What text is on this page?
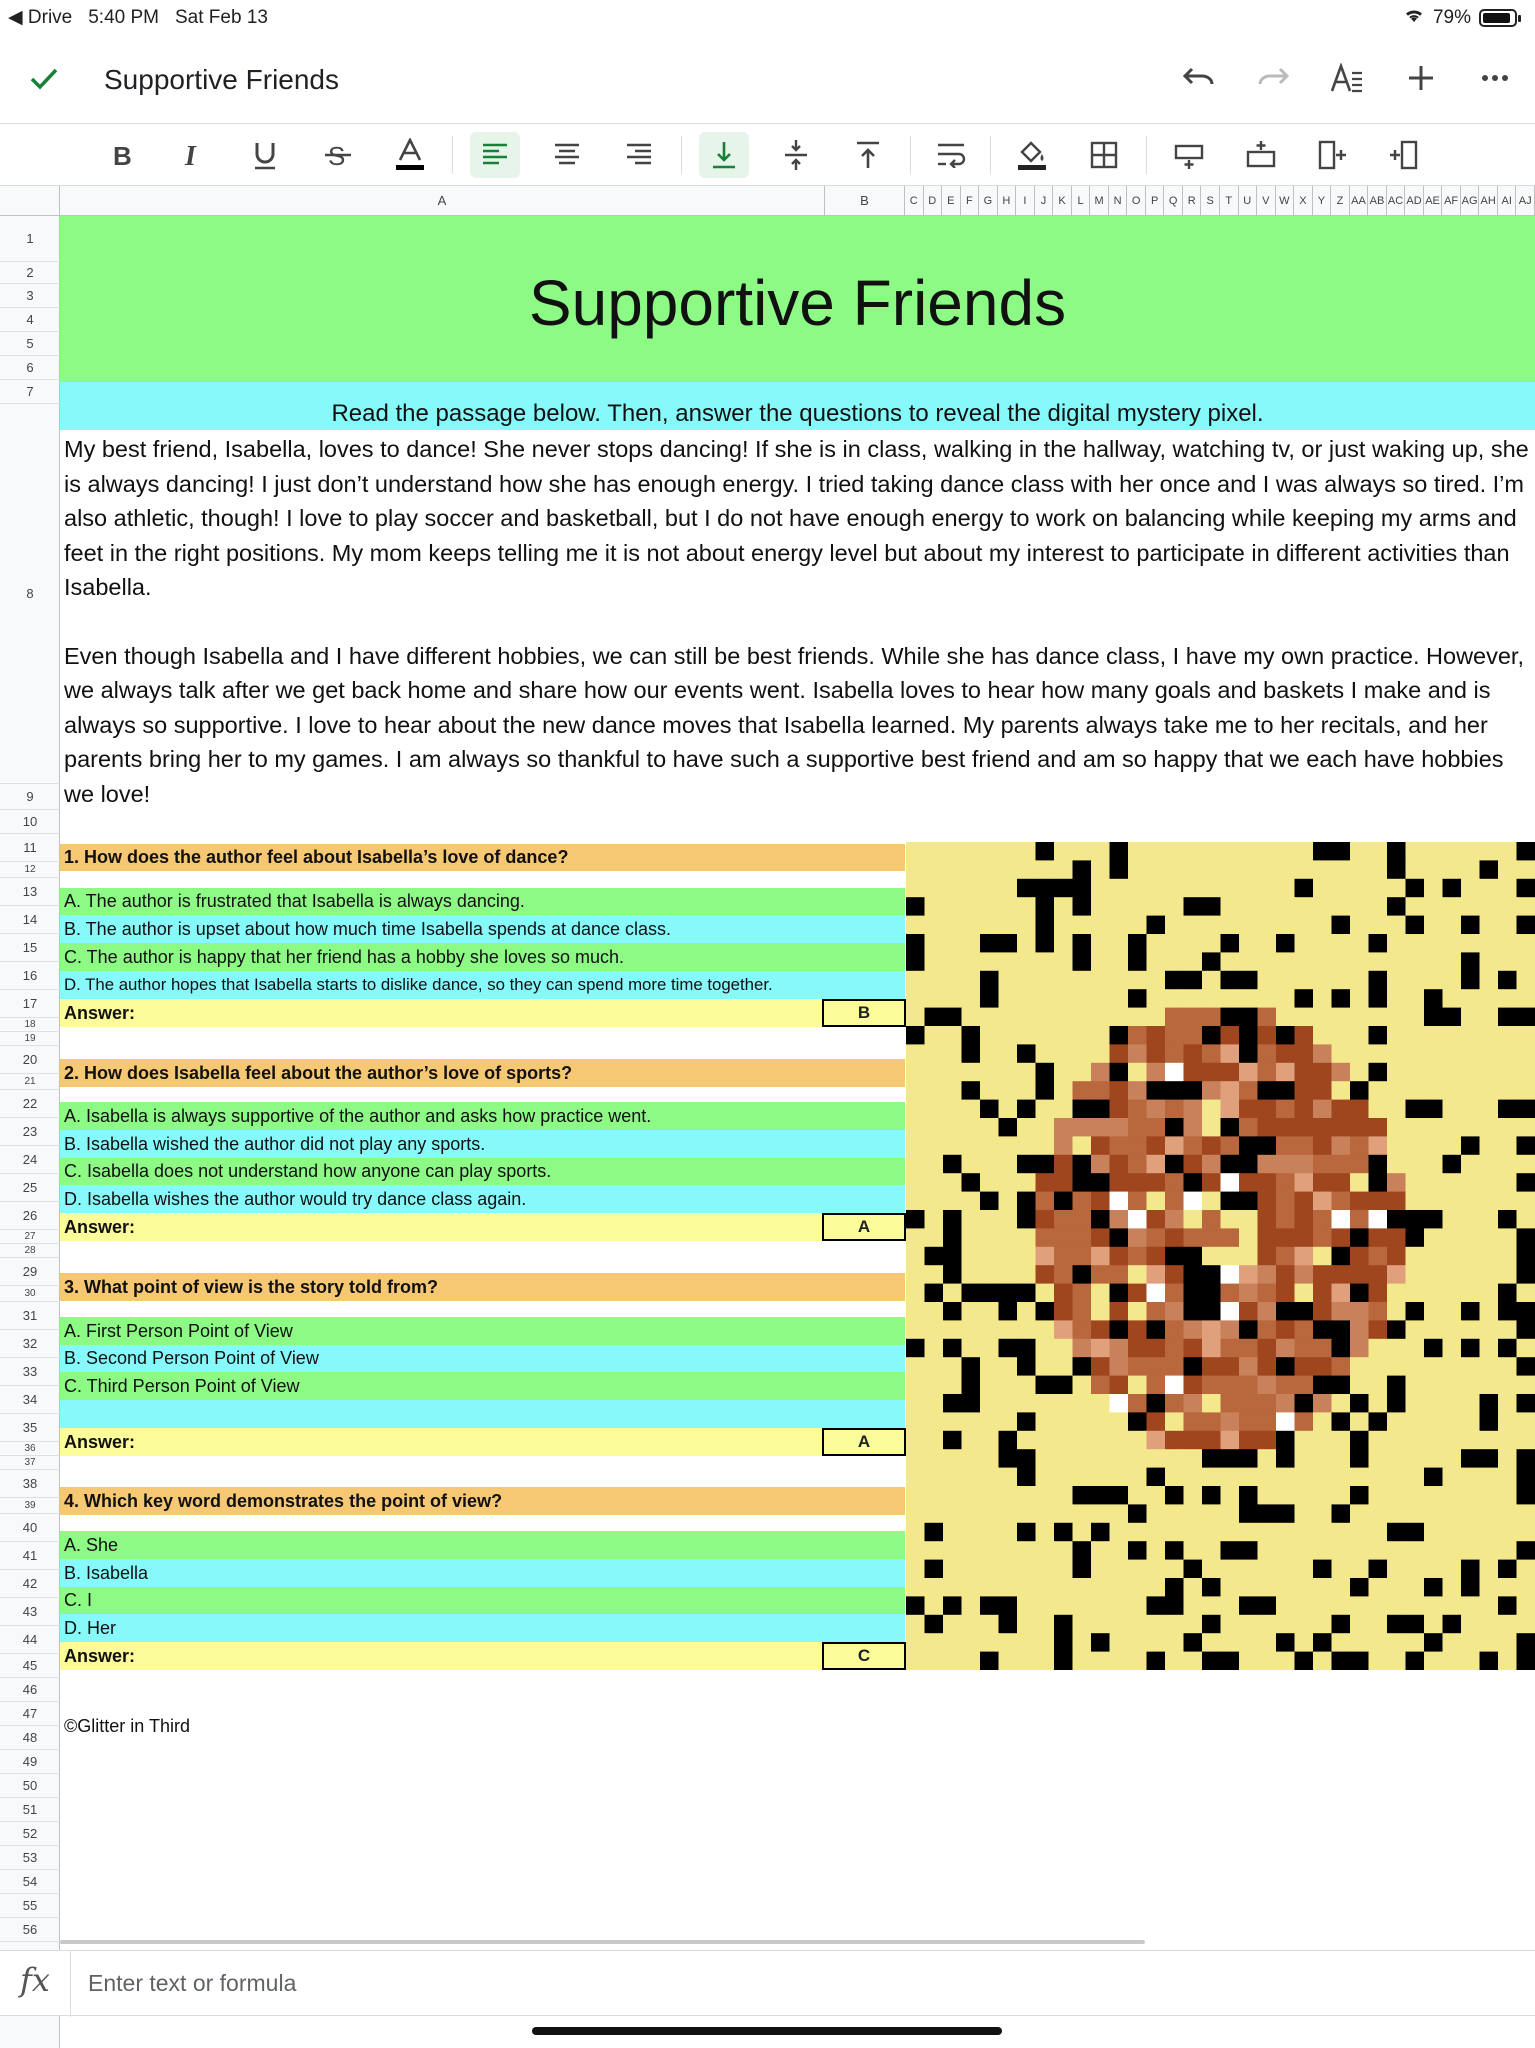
◀ Drive 5:40 PM Sat Feb 13	79%
Supportive Friends
B I	S
A	B	C D E	F G H	I	J	K	L M N O P Q R S	T	U V W X	Y	Z AA AB AC AD AE AF AG AH AI AJ
1
2
3
4
5
6
7
8
9
10
11
12
13
14
15
16
17
18
19
20
21
22
23
24
25
26
27
28
29
30
31
32
33
34
35
36
37
38
39
40
41
42
43
44
45
46
47
48
49
50
51
52
53
54
55
56
Supportive Friends
Read the passage below. Then, answer the questions to reveal the digital mystery pixel.

My best friend, Isabella, loves to dance! She never stops dancing! If she is in class, walking in the hallway, watching tv, or just waking up, she is always dancing! I just don’t understand how she has enough energy. I tried taking dance class with her once and I was always so tired. I’m also athletic, though! I love to play soccer and basketball, but I do not have enough energy to work on balancing while keeping my arms and feet in the right positions. My mom keeps telling me it is not about energy level but about my interest to participate in different activities than Isabella.

Even though Isabella and I have different hobbies, we can still be best friends. While she has dance class, I have my own practice. However, we always talk after we get back home and share how our events went. Isabella loves to hear how many goals and baskets I make and is always so supportive. I love to hear about the new dance moves that Isabella learned. My parents always take me to her recitals, and her parents bring her to my games. I am always so thankful to have such a supportive best friend and am so happy that we each have hobbies we love!

1. How does the author feel about Isabella’s love of dance?
A. The author is frustrated that Isabella is always dancing.
B. The author is upset about how much time Isabella spends at dance class.
C. The author is happy that her friend has a hobby she loves so much.
D. The author hopes that Isabella starts to dislike dance, so they can spend more time together.
Answer:	B
2. How does Isabella feel about the author’s love of sports?
A. Isabella is always supportive of the author and asks how practice went.
B. Isabella wished the author did not play any sports.
C. Isabella does not understand how anyone can play sports.
D. Isabella wishes the author would try dance class again.
Answer:	A
3. What point of view is the story told from?
A. First Person Point of View
B. Second Person Point of View
C. Third Person Point of View
Answer:	A
4. Which key word demonstrates the point of view?
A. She
B. Isabella
C. I
D. Her
Answer:	C
©Glitter in Third
fx
Enter text or formula
